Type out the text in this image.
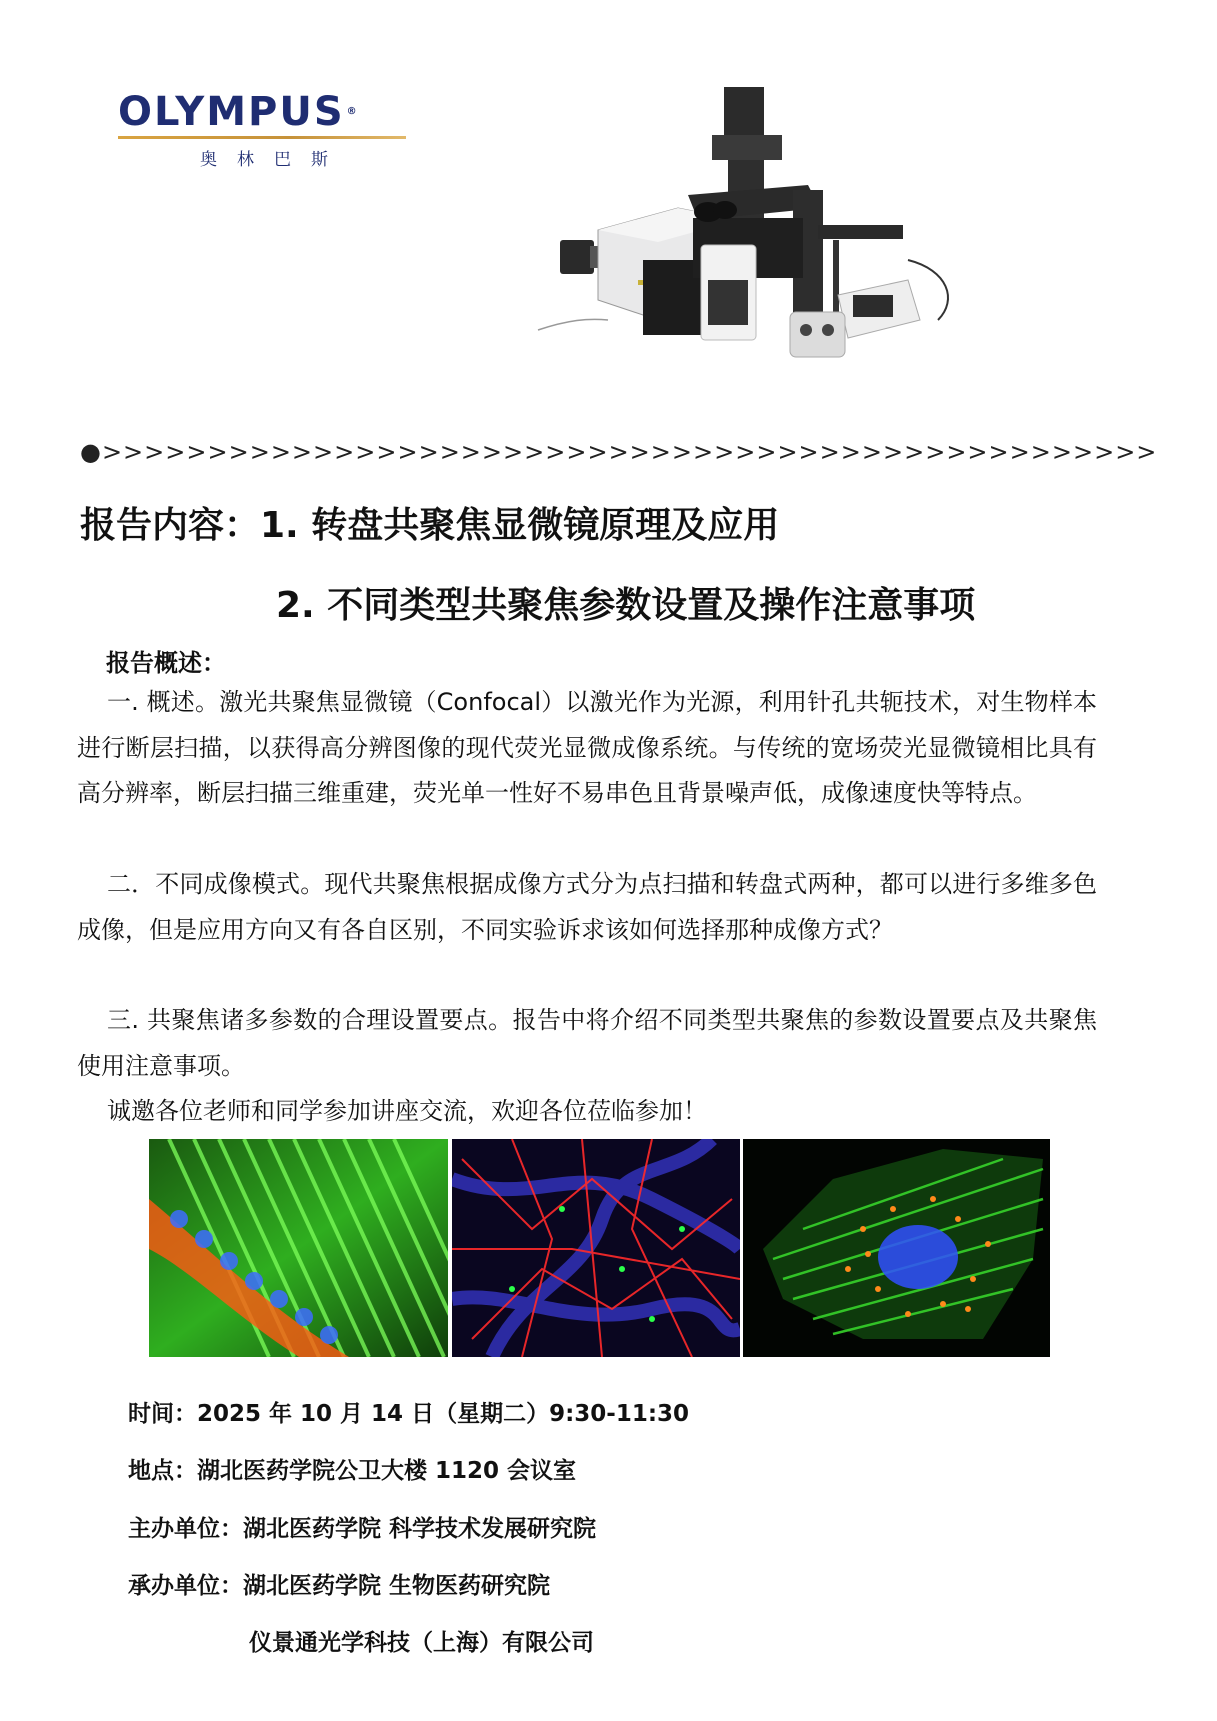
OLYMPUS ®
奥林巴斯
●>>>>>>>>>>>>>>>>>>>>>>>>>>>>>>>>>>>>>>>>>>>>>>>>>>
报告内容：1. 转盘共聚焦显微镜原理及应用
2. 不同类型共聚焦参数设置及操作注意事项
报告概述：
一. 概述。激光共聚焦显微镜（Confocal）以激光作为光源，利用针孔共轭技术，对生物样本进行断层扫描，以获得高分辨图像的现代荧光显微成像系统。与传统的宽场荧光显微镜相比具有高分辨率，断层扫描三维重建，荧光单一性好不易串色且背景噪声低，成像速度快等特点。
二．不同成像模式。现代共聚焦根据成像方式分为点扫描和转盘式两种，都可以进行多维多色成像，但是应用方向又有各自区别，不同实验诉求该如何选择那种成像方式？
三. 共聚焦诸多参数的合理设置要点。报告中将介绍不同类型共聚焦的参数设置要点及共聚焦使用注意事项。
诚邀各位老师和同学参加讲座交流，欢迎各位莅临参加！
时间：2025 年 10 月 14 日（星期二）9:30-11:30
地点：湖北医药学院公卫大楼 1120 会议室
主办单位：湖北医药学院 科学技术发展研究院
承办单位：湖北医药学院 生物医药研究院
仪景通光学科技（上海）有限公司
